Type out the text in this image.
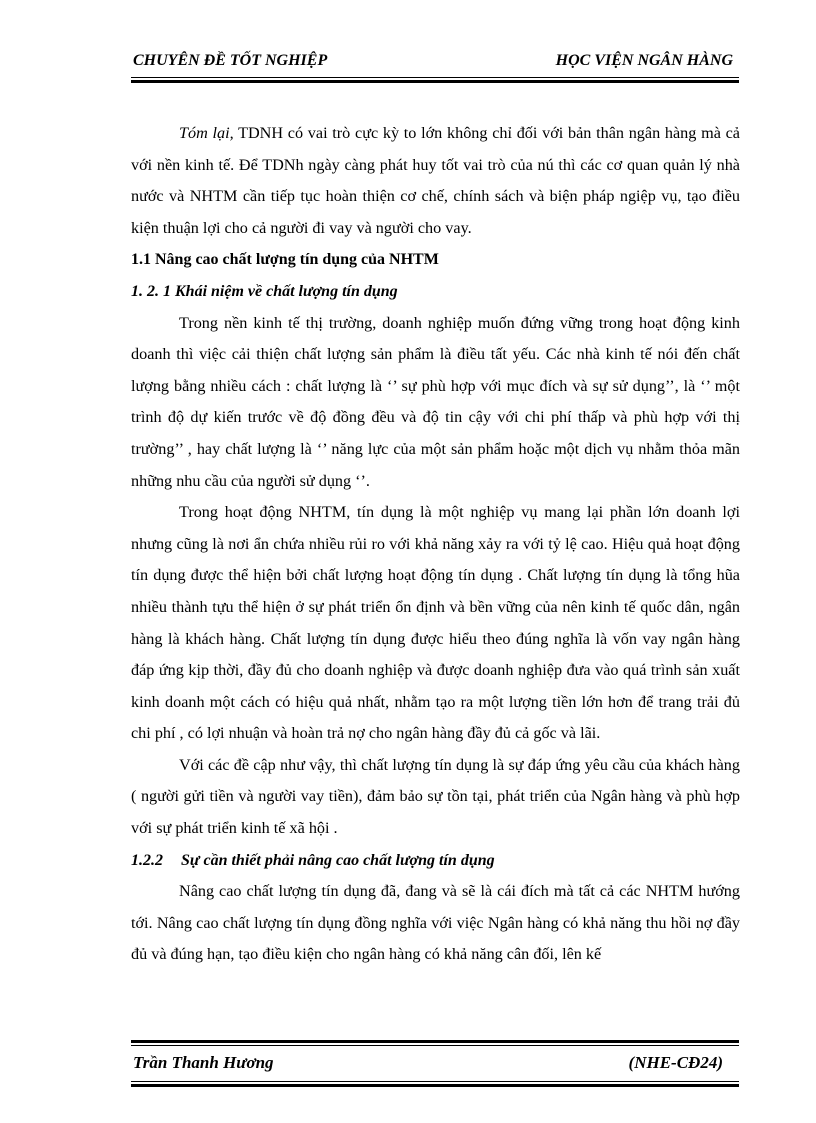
CHUYÊN ĐỀ TỐT NGHIỆP	HỌC VIỆN NGÂN HÀNG

Tóm lại, TDNH có vai trò cực kỳ to lớn không chỉ đối với bản thân ngân hàng mà cả với nền kinh tế. Để TDNh ngày càng phát huy tốt vai trò của nú thì các cơ quan quản lý nhà nước và NHTM cần tiếp tục hoàn thiện cơ chế, chính sách và biện pháp ngiệp vụ, tạo điều kiện thuận lợi cho cả người đi vay và người cho vay.

1.1 Nâng cao chất lượng tín dụng của NHTM

1. 2. 1 Khái niệm về chất lượng tín dụng

Trong nền kinh tế thị trường, doanh nghiệp muốn đứng vững trong hoạt động kinh doanh thì việc cải thiện chất lượng sản phẩm là điều tất yếu. Các nhà kinh tế nói đến chất lượng bằng nhiều cách : chất lượng là ‘’ sự phù hợp với mục đích và sự sử dụng’’, là ‘’ một trình độ dự kiến trước về độ đồng đều và độ tin cậy với chi phí thấp và phù hợp với thị trường’’ , hay chất lượng là ‘’ năng lực của một sản phẩm hoặc một dịch vụ nhằm thỏa mãn những nhu cầu của người sử dụng ‘’.

Trong hoạt động NHTM, tín dụng là một nghiệp vụ mang lại phần lớn doanh lợi nhưng cũng là nơi ẩn chứa nhiều rủi ro với khả năng xảy ra với tỷ lệ cao. Hiệu quả hoạt động tín dụng được thể hiện bởi chất lượng hoạt động tín dụng . Chất lượng tín dụng là tổng hũa nhiều thành tựu thể hiện ở sự phát triển ổn định và bền vững của nên kinh tế quốc dân, ngân hàng là khách hàng. Chất lượng tín dụng được hiểu theo đúng nghĩa là vốn vay ngân hàng đáp ứng kịp thời, đầy đủ cho doanh nghiệp và được doanh nghiệp đưa vào quá trình sản xuất kinh doanh một cách có hiệu quả nhất, nhằm tạo ra một lượng tiền lớn hơn để trang trải đủ chi phí , có lợi nhuận và hoàn trả nợ cho ngân hàng đầy đủ cả gốc và lãi.

Với các đề cập như vậy, thì chất lượng tín dụng là sự đáp ứng yêu cầu của khách hàng ( người gửi tiền và người vay tiền), đảm bảo sự tồn tại, phát triển của Ngân hàng và phù hợp với sự phát triển kinh tế xã hội .

1.2.2 Sự cần thiết phải nâng cao chất lượng tín dụng

Nâng cao chất lượng tín dụng đã, đang và sẽ là cái đích mà tất cả các NHTM hướng tới. Nâng cao chất lượng tín dụng đồng nghĩa với việc Ngân hàng có khả năng thu hồi nợ đầy đủ và đúng hạn, tạo điều kiện cho ngân hàng có khả năng cân đối, lên kế

Trần Thanh Hương	(NHE-CĐ24)
